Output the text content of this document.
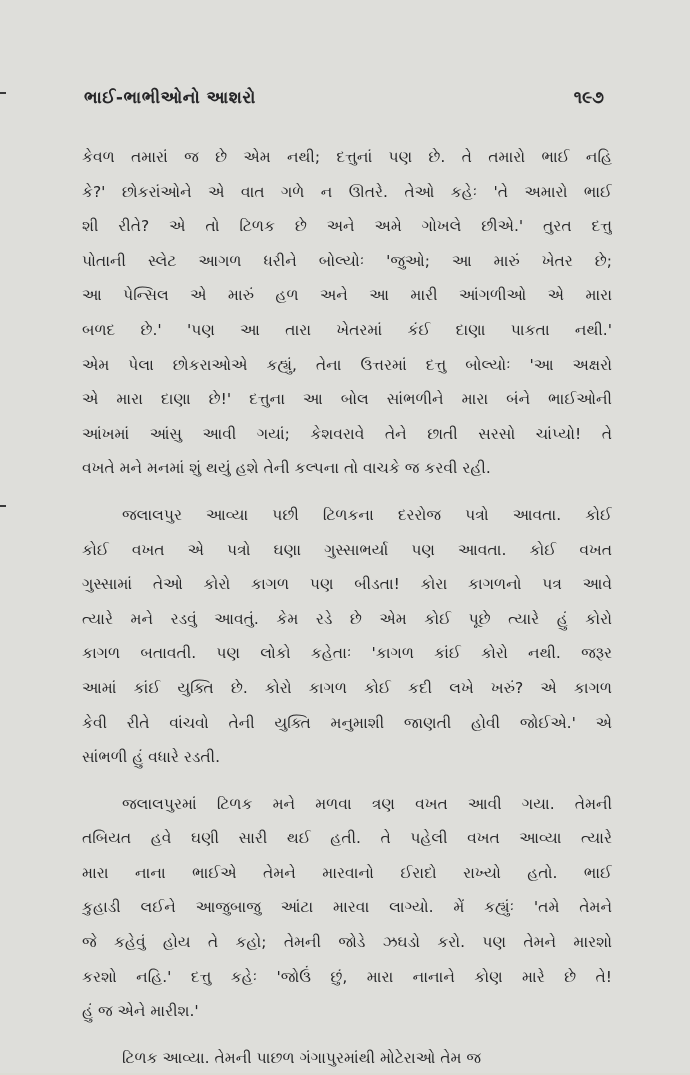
ભાઈ-ભાભીઓનો આશરો	૧૯૭
કેવળ તમારાં જ છે એમ નથી; દત્તુનાં પણ છે. તે તમારો ભાઈ નહિ
કે?' છોકરાંઓને એ વાત ગળે ન ઊતરે. તેઓ કહેઃ 'તે અમારો ભાઈ
શી રીતે? એ તો ટિળક છે અને અમે ગોખલે છીએ.' તુરત દત્તુ
પોતાની સ્લેટ આગળ ધરીને બોલ્યોઃ 'જુઓ; આ મારું ખેતર છે;
આ પેન્સિલ એ મારું હળ અને આ મારી આંગળીઓ એ મારા
બળદ છે.' 'પણ આ તારા ખેતરમાં કંઈ દાણા પાકતા નથી.'
એમ પેલા છોકરાઓએ કહ્યું, તેના ઉત્તરમાં દત્તુ બોલ્યોઃ 'આ અક્ષરો
એ મારા દાણા છે!' દત્તુના આ બોલ સાંભળીને મારા બંને ભાઈઓની
આંખમાં આંસુ આવી ગયાં; કેશવરાવે તેને છાતી સરસો ચાંપ્યો! તે
વખતે મને મનમાં શું થયું હશે તેની કલ્પના તો વાચકે જ કરવી રહી.
જલાલપુર આવ્યા પછી ટિળકના દરરોજ પત્રો આવતા. કોઈ
કોઈ વખત એ પત્રો ઘણા ગુસ્સાભર્યા પણ આવતા. કોઈ વખત
ગુસ્સામાં તેઓ કોરો કાગળ પણ બીડતા! કોરા કાગળનો પત્ર આવે
ત્યારે મને રડવું આવતું. કેમ રડે છે એમ કોઈ પૂછે ત્યારે હું કોરો
કાગળ બતાવતી. પણ લોકો કહેતાઃ 'કાગળ કાંઈ કોરો નથી. જરૂર
આમાં કાંઈ યુક્તિ છે. કોરો કાગળ કોઈ કદી લખે ખરું? એ કાગળ
કેવી રીતે વાંચવો તેની યુક્તિ મનુમાશી જાણતી હોવી જોઈએ.' એ
સાંભળી હું વધારે રડતી.
જલાલપુરમાં ટિળક મને મળવા ત્રણ વખત આવી ગયા. તેમની
તબિયત હવે ઘણી સારી થઈ હતી. તે પહેલી વખત આવ્યા ત્યારે
મારા નાના ભાઈએ તેમને મારવાનો ઈરાદો રાખ્યો હતો. ભાઈ
કુહાડી લઈને આજુબાજુ આંટા મારવા લાગ્યો. મેં કહ્યુંઃ 'તમે તેમને
જે કહેવું હોય તે કહો; તેમની જોડે ઝઘડો કરો. પણ તેમને મારશો
કરશો નહિ.' દત્તુ કહેઃ 'જોઉં છું, મારા નાનાને કોણ મારે છે તે!
હું જ એને મારીશ.'
ટિળક આવ્યા. તેમની પાછળ ગંગાપુરમાંથી મોટેરાઓ તેમ જ
